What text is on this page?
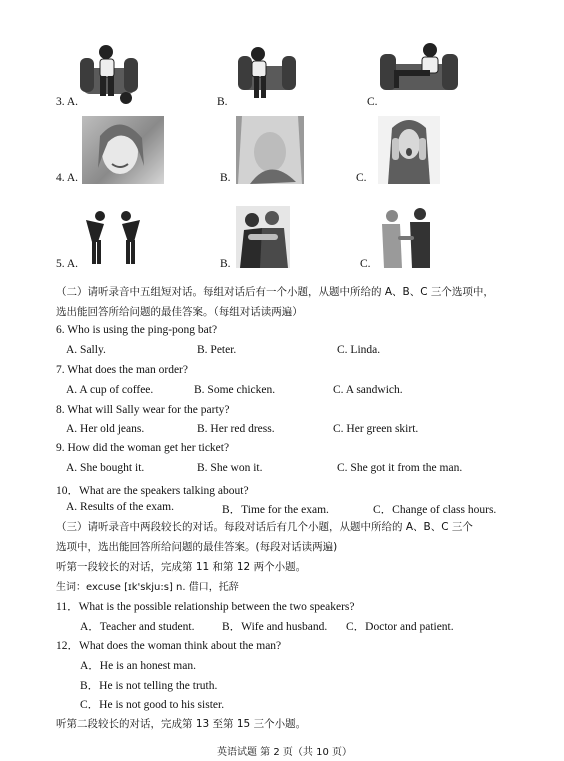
3. A.	B.	C.
4. A.	B.	C.
5. A.	B.	C.
（二）请听录音中五组短对话。每组对话后有一个小题，从题中所给的 A、B、C 三个选项中，
选出能回答所给问题的最佳答案。（每组对话读两遍）
6. Who is using the ping-pong bat?
A. Sally.	B. Peter.	C. Linda.
7. What does the man order?
A. A cup of coffee.	B. Some chicken.	C. A sandwich.
8. What will Sally wear for the party?
A. Her old jeans.	B. Her red dress.	C. Her green skirt.
9. How did the woman get her ticket?
A. She bought it.	B. She won it.	C. She got it from the man.
10．What are the speakers talking about?
A. Results of the exam.	B．Time for the exam.	C．Change of class hours.
（三）请听录音中两段较长的对话。每段对话后有几个小题，从题中所给的 A、B、C 三个
选项中，选出能回答所给问题的最佳答案。(每段对话读两遍)
听第一段较长的对话，完成第 11 和第 12 两个小题。
生词：excuse [ɪk'skju:s] n. 借口，托辞
11．What is the possible relationship between the two speakers?
A．Teacher and student. B．Wife and husband. C．Doctor and patient.
12．What does the woman think about the man?
A．He is an honest man.
B．He is not telling the truth.
C．He is not good to his sister.
听第二段较长的对话，完成第 13 至第 15 三个小题。
英语试题 第 2 页（共 10 页）
